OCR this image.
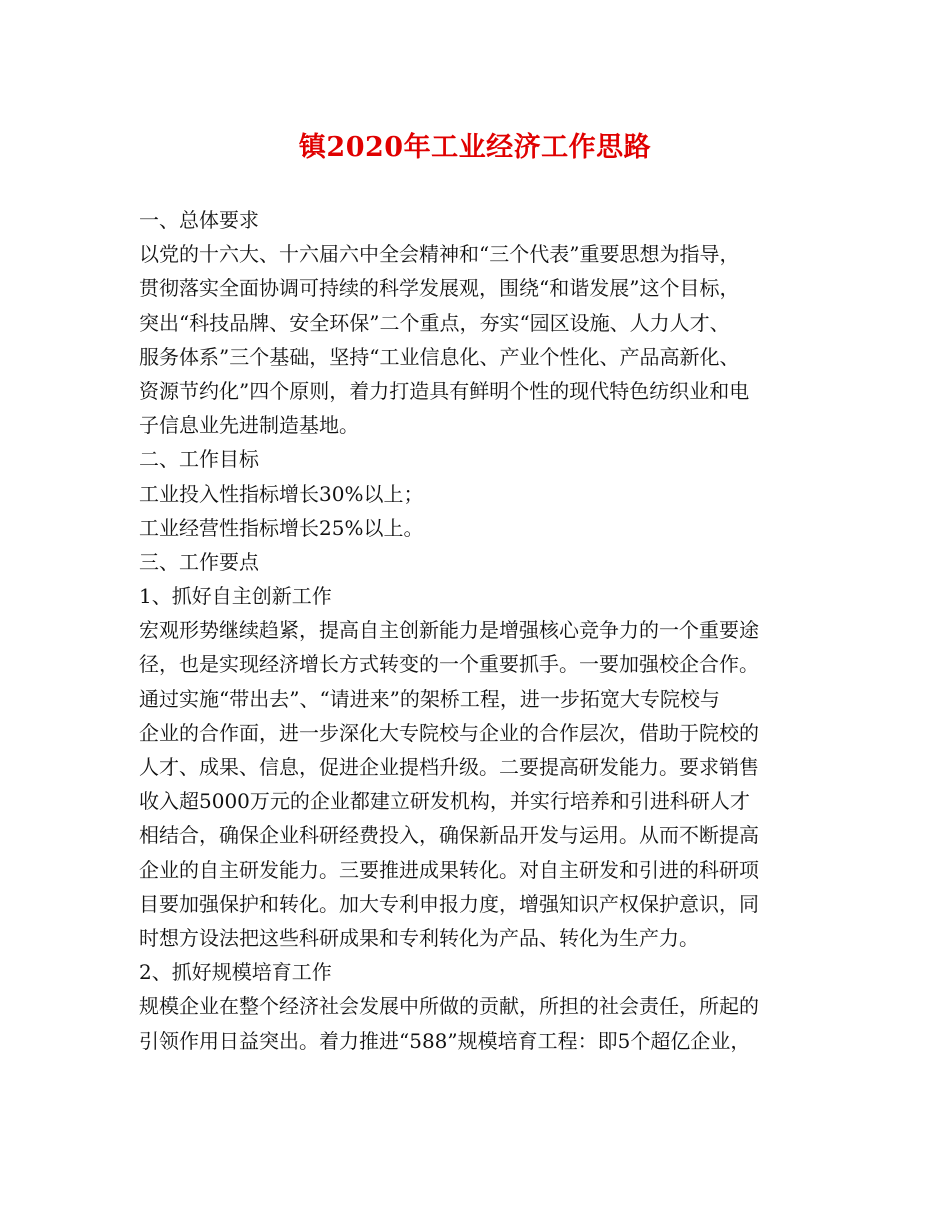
镇2020年工业经济工作思路
一、总体要求
以党的十六大、十六届六中全会精神和“三个代表”重要思想为指导，
贯彻落实全面协调可持续的科学发展观，围绕“和谐发展”这个目标，
突出“科技品牌、安全环保”二个重点，夯实“园区设施、人力人才、
服务体系”三个基础，坚持“工业信息化、产业个性化、产品高新化、
资源节约化”四个原则，着力打造具有鲜明个性的现代特色纺织业和电
子信息业先进制造基地。
二、工作目标
工业投入性指标增长30%以上；
工业经营性指标增长25%以上。
三、工作要点
1、抓好自主创新工作
宏观形势继续趋紧，提高自主创新能力是增强核心竞争力的一个重要途
径，也是实现经济增长方式转变的一个重要抓手。一要加强校企合作。
通过实施“带出去”、“请进来”的架桥工程，进一步拓宽大专院校与
企业的合作面，进一步深化大专院校与企业的合作层次，借助于院校的
人才、成果、信息，促进企业提档升级。二要提高研发能力。要求销售
收入超5000万元的企业都建立研发机构，并实行培养和引进科研人才
相结合，确保企业科研经费投入，确保新品开发与运用。从而不断提高
企业的自主研发能力。三要推进成果转化。对自主研发和引进的科研项
目要加强保护和转化。加大专利申报力度，增强知识产权保护意识，同
时想方设法把这些科研成果和专利转化为产品、转化为生产力。
2、抓好规模培育工作
规模企业在整个经济社会发展中所做的贡献，所担的社会责任，所起的
引领作用日益突出。着力推进“588”规模培育工程：即5个超亿企业，
